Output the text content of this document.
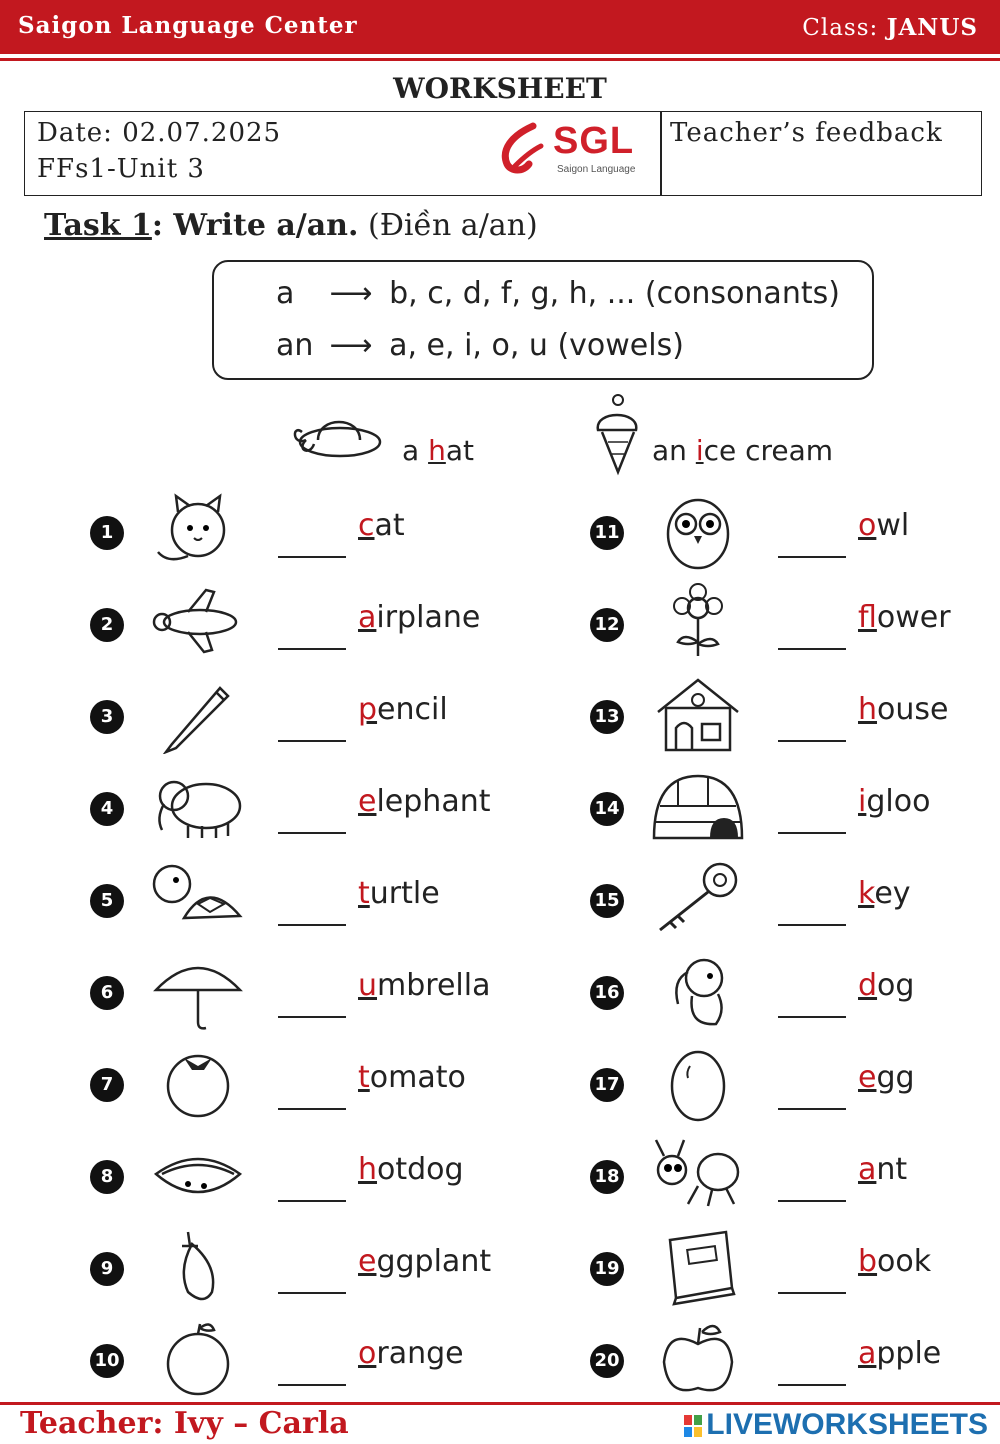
Saigon Language Center	Class: JANUS
WORKSHEET
Date: 02.07.2025
FFs1-Unit 3
SGL
Saigon Language
Teacher’s feedback
Task 1: Write a/an. (Điền a/an)
a ⟶ b, c, d, f, g, h, ... (consonants)
an ⟶ a, e, i, o, u (vowels)
a hat	an ice cream
1	cat
2	airplane
3	pencil
4	elephant
5	turtle
6	umbrella
7	tomato
8	hotdog
9	eggplant
10	orange
11	owl
12	flower
13	house
14	igloo
15	key
16	dog
17	egg
18	ant
19	book
20	apple
Teacher: Ivy – Carla	LIVEWORKSHEETS
